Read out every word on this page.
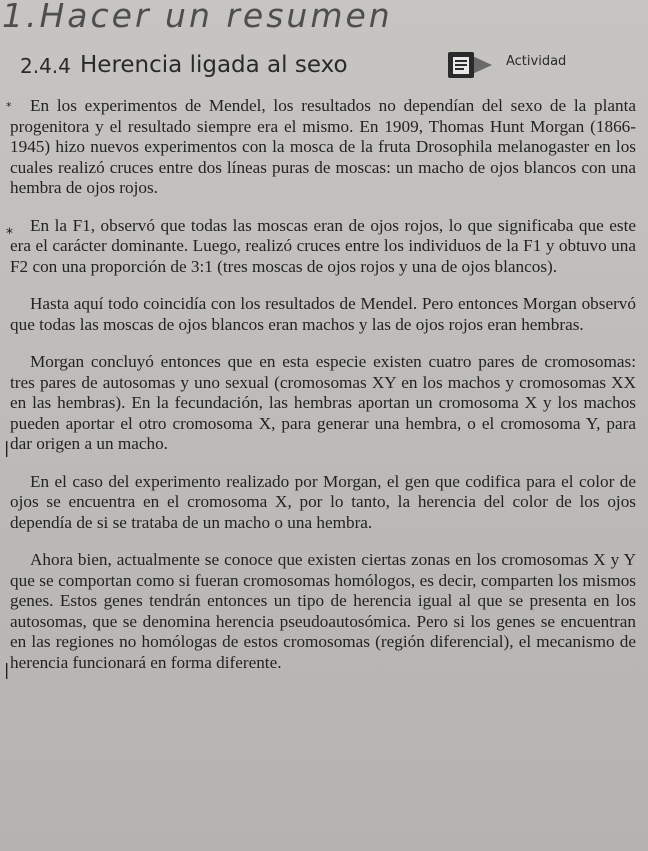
1.Hacer un resumen
2.4.4 Herencia ligada al sexo	Actividad

En los experimentos de Mendel, los resultados no dependían del sexo de la planta progenitora y el resultado siempre era el mismo. En 1909, Thomas Hunt Morgan (1866-1945) hizo nuevos experimentos con la mosca de la fruta Drosophila melanogaster en los cuales realizó cruces entre dos líneas puras de moscas: un macho de ojos blancos con una hembra de ojos rojos.

En la F1, observó que todas las moscas eran de ojos rojos, lo que significaba que este era el carácter dominante. Luego, realizó cruces entre los individuos de la F1 y obtuvo una F2 con una proporción de 3:1 (tres moscas de ojos rojos y una de ojos blancos).

Hasta aquí todo coincidía con los resultados de Mendel. Pero entonces Morgan observó que todas las moscas de ojos blancos eran machos y las de ojos rojos eran hembras.

Morgan concluyó entonces que en esta especie existen cuatro pares de cromosomas: tres pares de autosomas y uno sexual (cromosomas XY en los machos y cromosomas XX en las hembras). En la fecundación, las hembras aportan un cromosoma X y los machos pueden aportar el otro cromosoma X, para generar una hembra, o el cromosoma Y, para dar origen a un macho.

En el caso del experimento realizado por Morgan, el gen que codifica para el color de ojos se encuentra en el cromosoma X, por lo tanto, la herencia del color de los ojos dependía de si se trataba de un macho o una hembra.

Ahora bien, actualmente se conoce que existen ciertas zonas en los cromosomas X y Y que se comportan como si fueran cromosomas homólogos, es decir, comparten los mismos genes. Estos genes tendrán entonces un tipo de herencia igual al que se presenta en los autosomas, que se denomina herencia pseudoautosómica. Pero si los genes se encuentran en las regiones no homólogas de estos cromosomas (región diferencial), el mecanismo de herencia funcionará en forma diferente.

*
*
|
|
